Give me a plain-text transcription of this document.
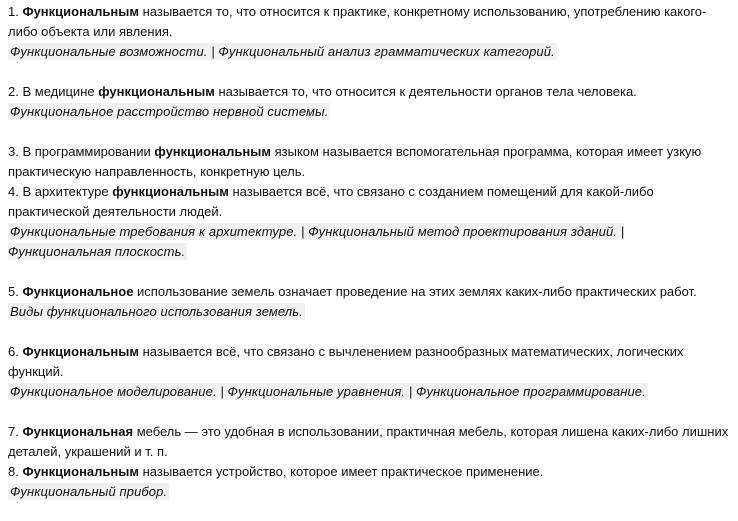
1. Функциональным называется то, что относится к практике, конкретному использованию, употреблению какого-либо объекта или явления.

Функциональные возможности. | Функциональный анализ грамматических категорий.

2. В медицине функциональным называется то, что относится к деятельности органов тела человека.

Функциональное расстройство нервной системы.

3. В программировании функциональным языком называется вспомогательная программа, которая имеет узкую практическую направленность, конкретную цель.

4. В архитектуре функциональным называется всё, что связано с созданием помещений для какой-либо практической деятельности людей.

Функциональные требования к архитектуре. | Функциональный метод проектирования зданий. | Функциональная плоскость.

5. Функциональное использование земель означает проведение на этих землях каких-либо практических работ.

Виды функционального использования земель.

6. Функциональным называется всё, что связано с вычленением разнообразных математических, логических функций.

Функциональное моделирование. | Функциональные уравнения. | Функциональное программирование.

7. Функциональная мебель — это удобная в использовании, практичная мебель, которая лишена каких-либо лишних деталей, украшений и т. п.

8. Функциональным называется устройство, которое имеет практическое применение.

Функциональный прибор.
